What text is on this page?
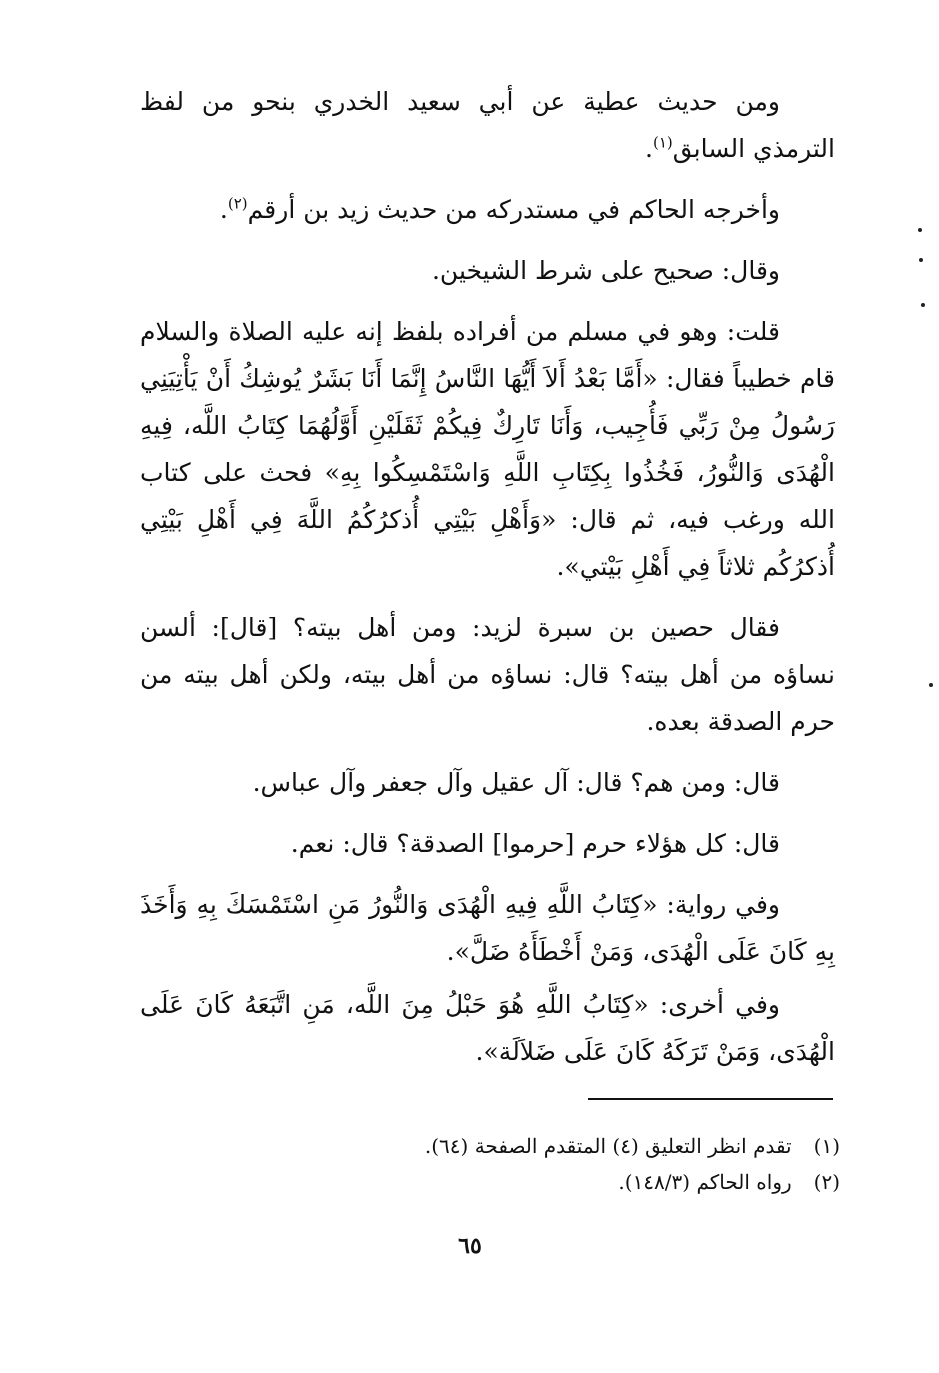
ومن حديث عطية عن أبي سعيد الخدري بنحو من لفظ الترمذي السابق$^{(١)}$.

وأخرجه الحاكم في مستدركه من حديث زيد بن أرقم$^{(٢)}$.

وقال: صحيح على شرط الشيخين.

قلت: وهو في مسلم من أفراده بلفظ إنه عليه الصلاة والسلام قام خطيباً فقال: «أَمَّا بَعْدُ أَلاَ أَيُّهَا النَّاسُ إِنَّمَا أَنَا بَشَرٌ يُوشِكُ أَنْ يَأْتِيَنِي رَسُولُ مِنْ رَبِّي فَأُجِيب، وَأَنَا تَارِكٌ فِيكُمْ ثَقَلَيْنِ أَوَّلُهُمَا كِتَابُ اللَّه، فِيهِ الْهُدَى وَالنُّورُ، فَخُذُوا بِكِتَابِ اللَّهِ وَاسْتَمْسِكُوا بِهِ» فحث على كتاب الله ورغب فيه، ثم قال: «وَأَهْلِ بَيْتِي أُذكرُكُمُ اللَّهَ فِي أَهْلِ بَيْتِي أُذكرُكُم ثلاثاً فِي أَهْلِ بَيْتي».

فقال حصين بن سبرة لزيد: ومن أهل بيته؟ [قال]: ألسن نساؤه من أهل بيته؟ قال: نساؤه من أهل بيته، ولكن أهل بيته من حرم الصدقة بعده.

قال: ومن هم؟ قال: آل عقيل وآل جعفر وآل عباس.

قال: كل هؤلاء حرم [حرموا] الصدقة؟ قال: نعم.

وفي رواية: «كِتَابُ اللَّهِ فِيهِ الْهُدَى وَالنُّورُ مَنِ اسْتَمْسَكَ بِهِ وَأَخَذَ بِهِ كَانَ عَلَى الْهُدَى، وَمَنْ أَخْطَأَهُ ضَلَّ».

وفي أخرى: «كِتَابُ اللَّهِ هُوَ حَبْلُ مِنَ اللَّه، مَنِ اتَّبَعَهُ كَانَ عَلَى الْهُدَى، وَمَنْ تَرَكَهُ كَانَ عَلَى ضَلاَلَة».

(١) تقدم انظر التعليق (٤) المتقدم الصفحة (٦٤).
(٢) رواه الحاكم (١٤٨/٣).
٦٥
